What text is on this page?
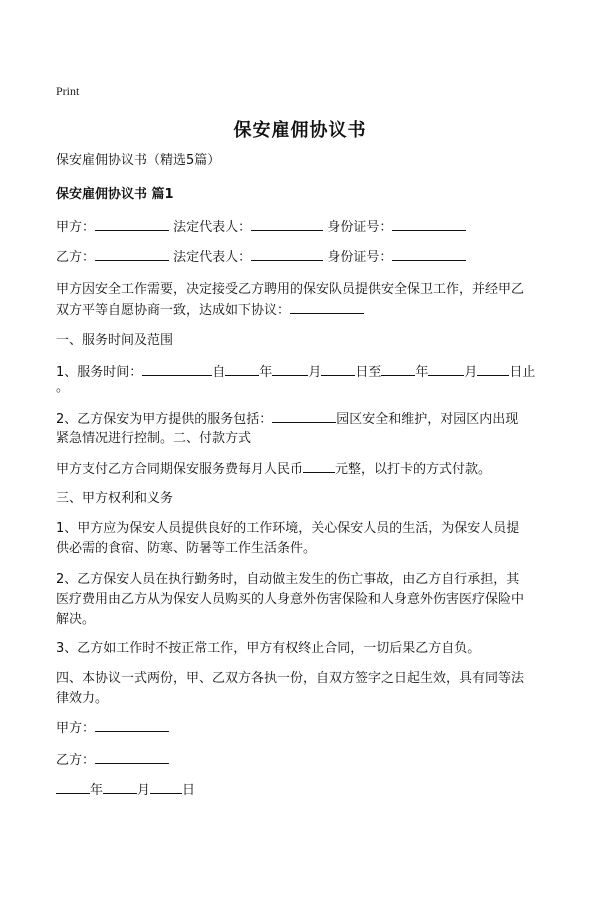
Print
保安雇佣协议书
保安雇佣协议书（精选5篇）
保安雇佣协议书 篇1
甲方：	法定代表人：	身份证号：
乙方：	法定代表人：	身份证号：
甲方因安全工作需要，决定接受乙方聘用的保安队员提供安全保卫工作，并经甲乙
双方平等自愿协商一致，达成如下协议：
一、服务时间及范围
1、服务时间：	自	年	月	日至	年	月 日止
。
2、乙方保安为甲方提供的服务包括：	园区安全和维护，对园区内出现
紧急情况进行控制。二、付款方式
甲方支付乙方合同期保安服务费每月人民币 元整，以打卡的方式付款。
三、甲方权利和义务
1、甲方应为保安人员提供良好的工作环境，关心保安人员的生活，为保安人员提
供必需的食宿、防寒、防暑等工作生活条件。
2、乙方保安人员在执行勤务时，自动做主发生的伤亡事故，由乙方自行承担，其
医疗费用由乙方从为保安人员购买的人身意外伤害保险和人身意外伤害医疗保险中
解决。
3、乙方如工作时不按正常工作，甲方有权终止合同，一切后果乙方自负。
四、本协议一式两份，甲、乙双方各执一份，自双方签字之日起生效，具有同等法
律效力。
甲方：
乙方：
年	月 日
